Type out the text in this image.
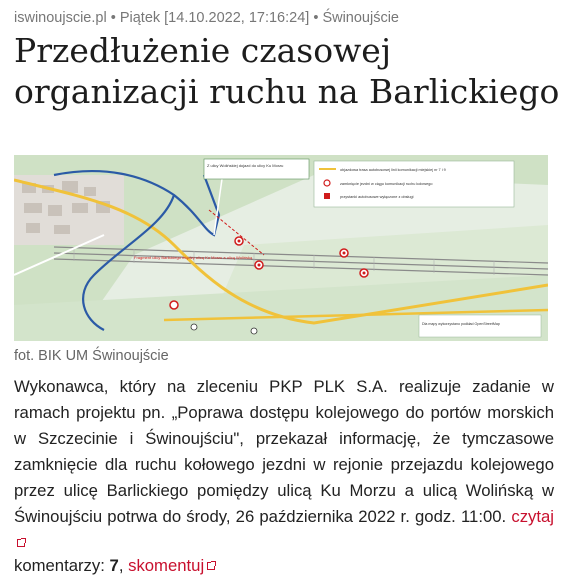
iswinoujscie.pl • Piątek [14.10.2022, 17:16:24] • Świnoujście
Przedłużenie czasowej organizacji ruchu na Barlickiego
Z ulicy Wolińskiej dojazd do ulicy Ku Morzu
Fragment ulicy Barlickiego między ulicą Ku Morzu a ulicą Wolińską
objazdowa trasa autobusowej linii komunikacji miejskiej nr 7 i 9
zamknięcie jezdni w ciągu komunikacji ruchu kołowego
przystanki autobusowe wyłączone z obsługi
Dla mapy wykorzystano podkład OpenStreetMap
fot. BIK UM Świnoujście

Wykonawca, który na zleceniu PKP PLK S.A. realizuje zadanie w ramach projektu pn. „Poprawa dostępu kolejowego do portów morskich w Szczecinie i Świnoujściu", przekazał informację, że tymczasowe zamknięcie dla ruchu kołowego jezdni w rejonie przejazdu kolejowego przez ulicę Barlickiego pomiędzy ulicą Ku Morzu a ulicą Wolińską w Świnoujściu potrwa do środy, 26 października 2022 r. godz. 11:00. czytaj

komentarzy: 7, skomentuj
